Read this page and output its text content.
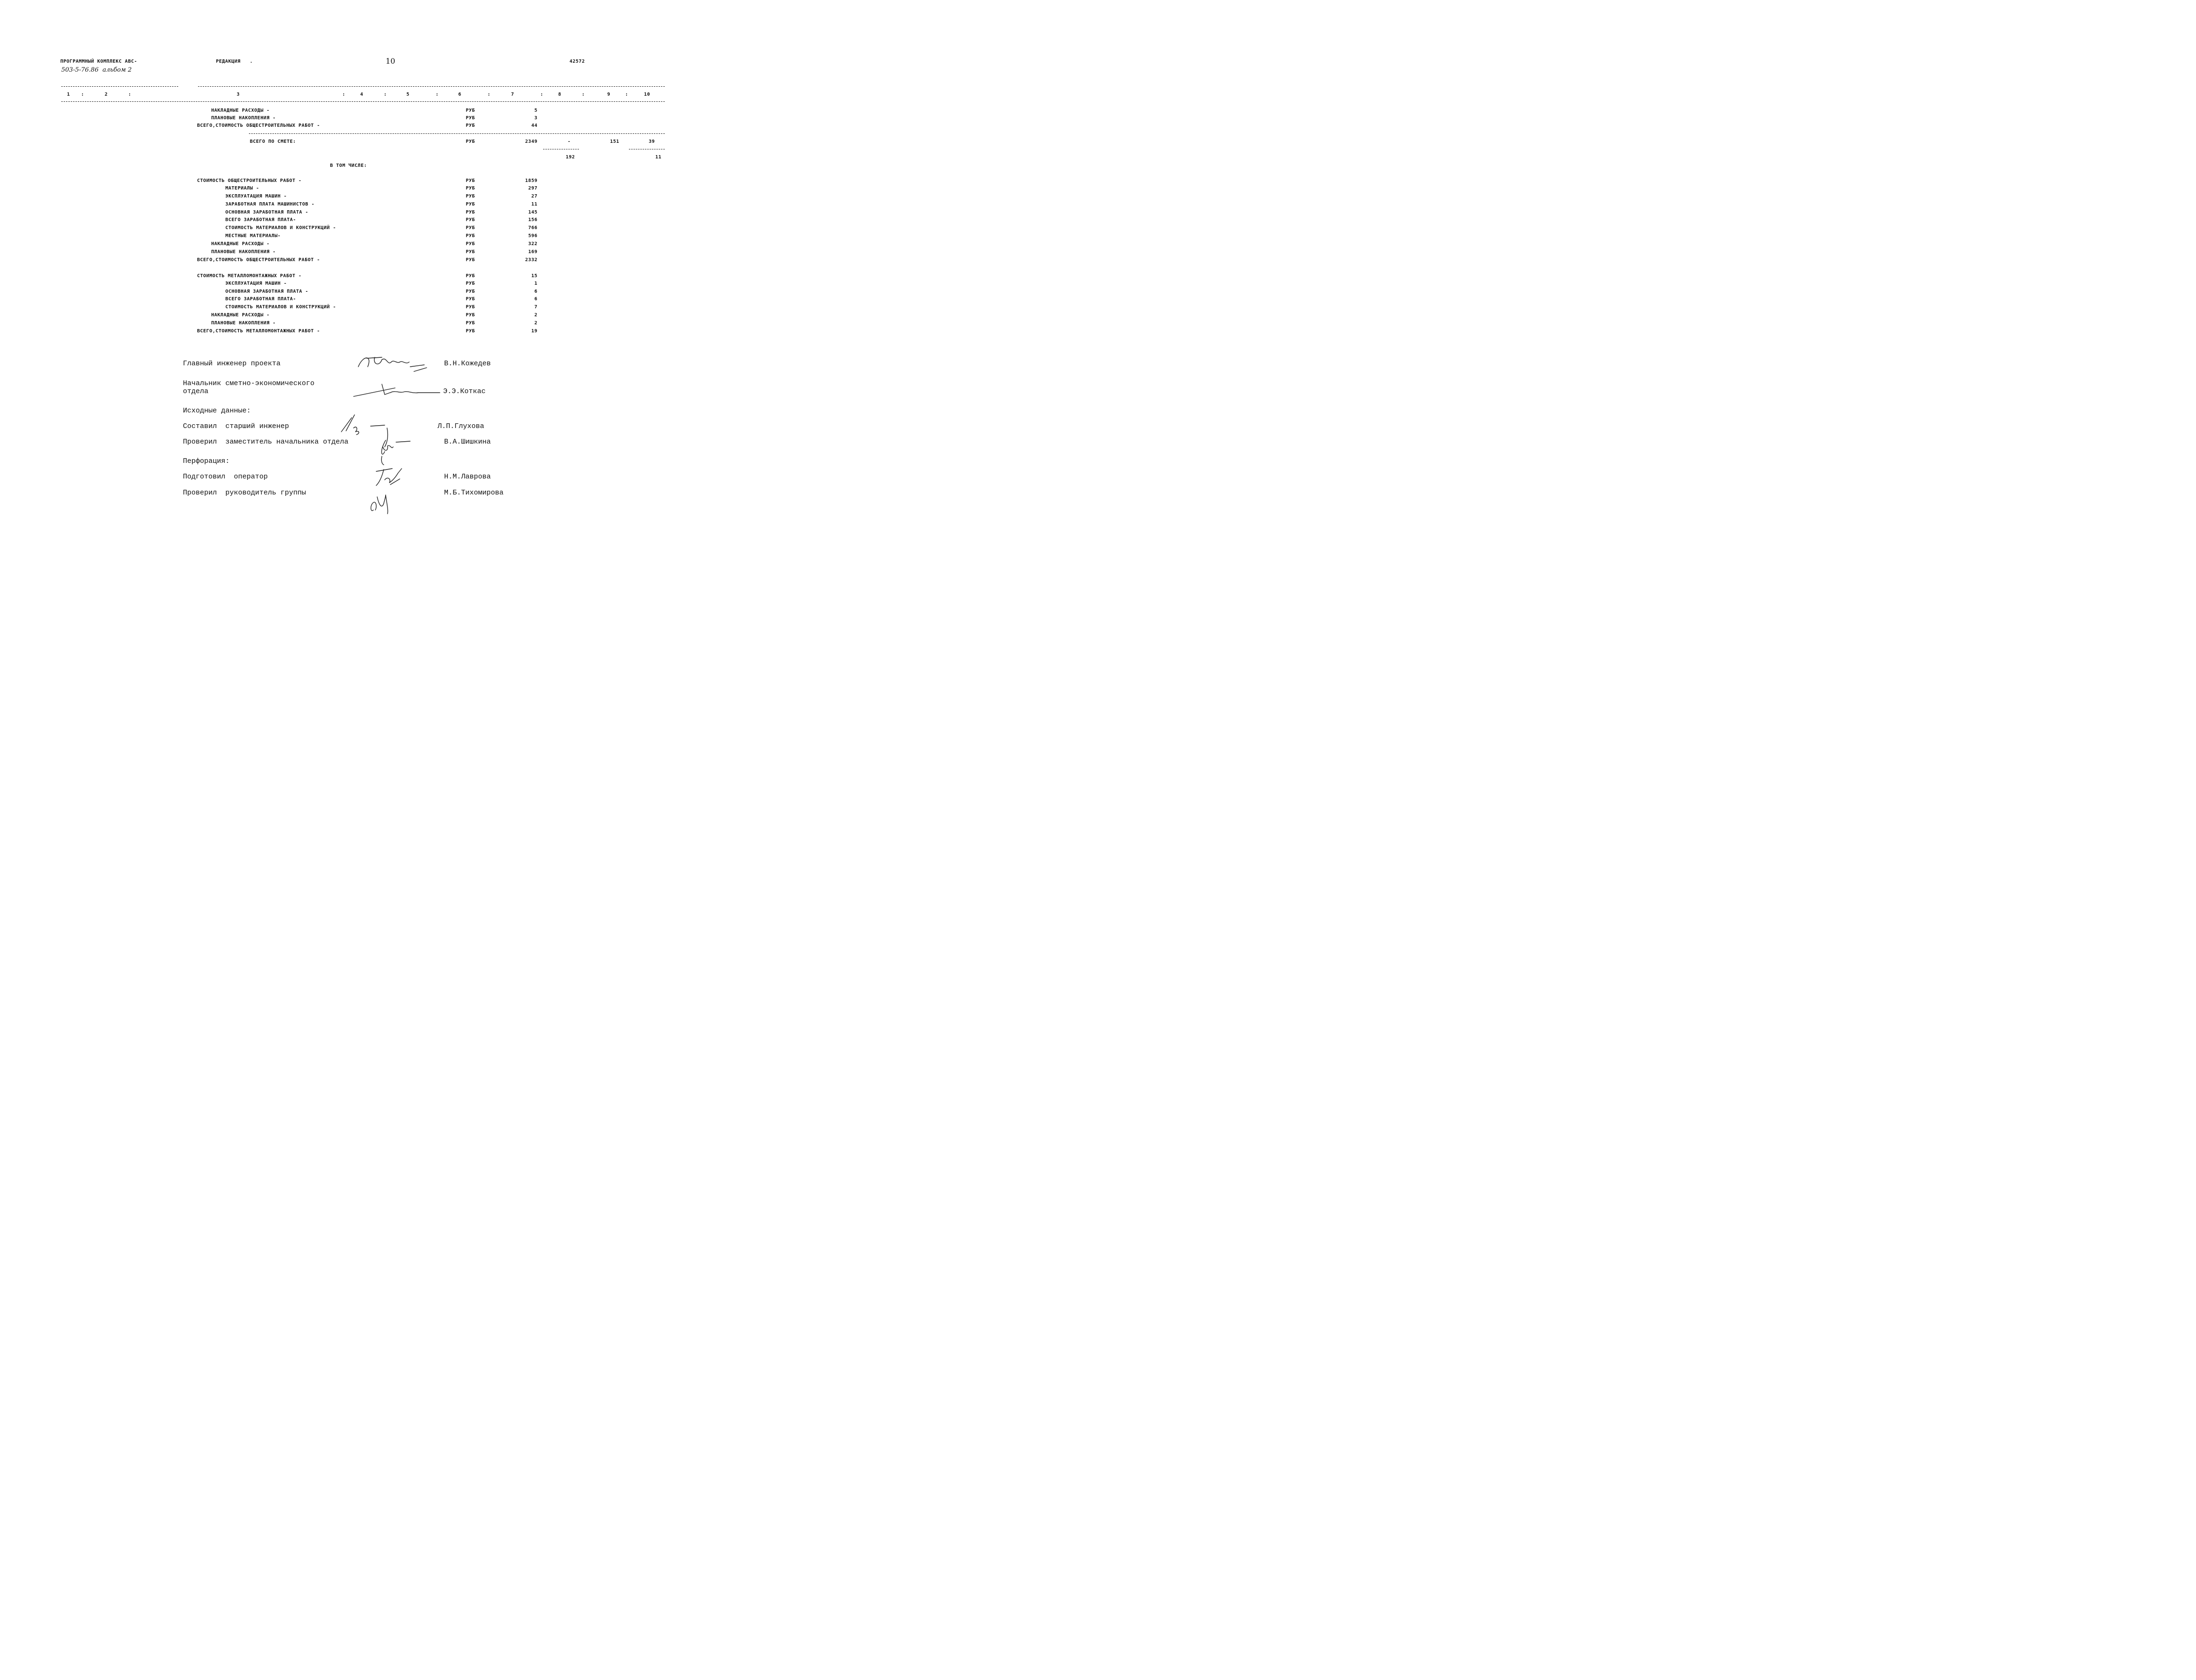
ПРОГРАММНЫЙ КОМПЛЕКС АВС-
503-5-76.86  альбом 2
РЕДАКЦИЯ   .	10	42572
1 :	2	:	3	:	4	:	5	:	6	:	7	:	8	:	9	:	10
НАКЛАДНЫЕ РАСХОДЫ -	РУБ	5
ПЛАНОВЫЕ НАКОПЛЕНИЯ -	РУБ	3
ВСЕГО,СТОИМОСТЬ ОБЩЕСТРОИТЕЛЬНЫХ РАБОТ -	РУБ	44
ВСЕГО ПО СМЕТЕ:	РУБ	2349	-	151	39
192	11
В ТОМ ЧИСЛЕ:
СТОИМОСТЬ ОБЩЕСТРОИТЕЛЬНЫХ РАБОТ -	РУБ	1859
МАТЕРИАЛЫ -	РУБ	297
ЭКСПЛУАТАЦИЯ МАШИН -	РУБ	27
ЗАРАБОТНАЯ ПЛАТА МАШИНИСТОВ -	РУБ	11
ОСНОВНАЯ ЗАРАБОТНАЯ ПЛАТА -	РУБ	145
ВСЕГО ЗАРАБОТНАЯ ПЛАТА-	РУБ	156
СТОИМОСТЬ МАТЕРИАЛОВ И КОНСТРУКЦИЙ -	РУБ	766
МЕСТНЫЕ МАТЕРИАЛЫ-	РУБ	596
НАКЛАДНЫЕ РАСХОДЫ -	РУБ	322
ПЛАНОВЫЕ НАКОПЛЕНИЯ -	РУБ	169
ВСЕГО,СТОИМОСТЬ ОБЩЕСТРОИТЕЛЬНЫХ РАБОТ -	РУБ	2332
СТОИМОСТЬ МЕТАЛЛОМОНТАЖНЫХ РАБОТ -	РУБ	15
ЭКСПЛУАТАЦИЯ МАШИН -	РУБ	1
ОСНОВНАЯ ЗАРАБОТНАЯ ПЛАТА -	РУБ	6
ВСЕГО ЗАРАБОТНАЯ ПЛАТА-	РУБ	6
СТОИМОСТЬ МАТЕРИАЛОВ И КОНСТРУКЦИЙ -	РУБ	7
НАКЛАДНЫЕ РАСХОДЫ -	РУБ	2
ПЛАНОВЫЕ НАКОПЛЕНИЯ -	РУБ	2
ВСЕГО,СТОИМОСТЬ МЕТАЛЛОМОНТАЖНЫХ РАБОТ -	РУБ	19
Главный инженер проекта	В.Н.Кожедев
Начальник сметно-экономического
отдела	Э.Э.Коткас
Исходные данные:
Составил  старший инженер	Л.П.Глухова
Проверил  заместитель начальника отдела	В.А.Шишкина
Перфорация:
Подготовил  оператор	Н.М.Лаврова
Проверил  руководитель группы	М.Б.Тихомирова
